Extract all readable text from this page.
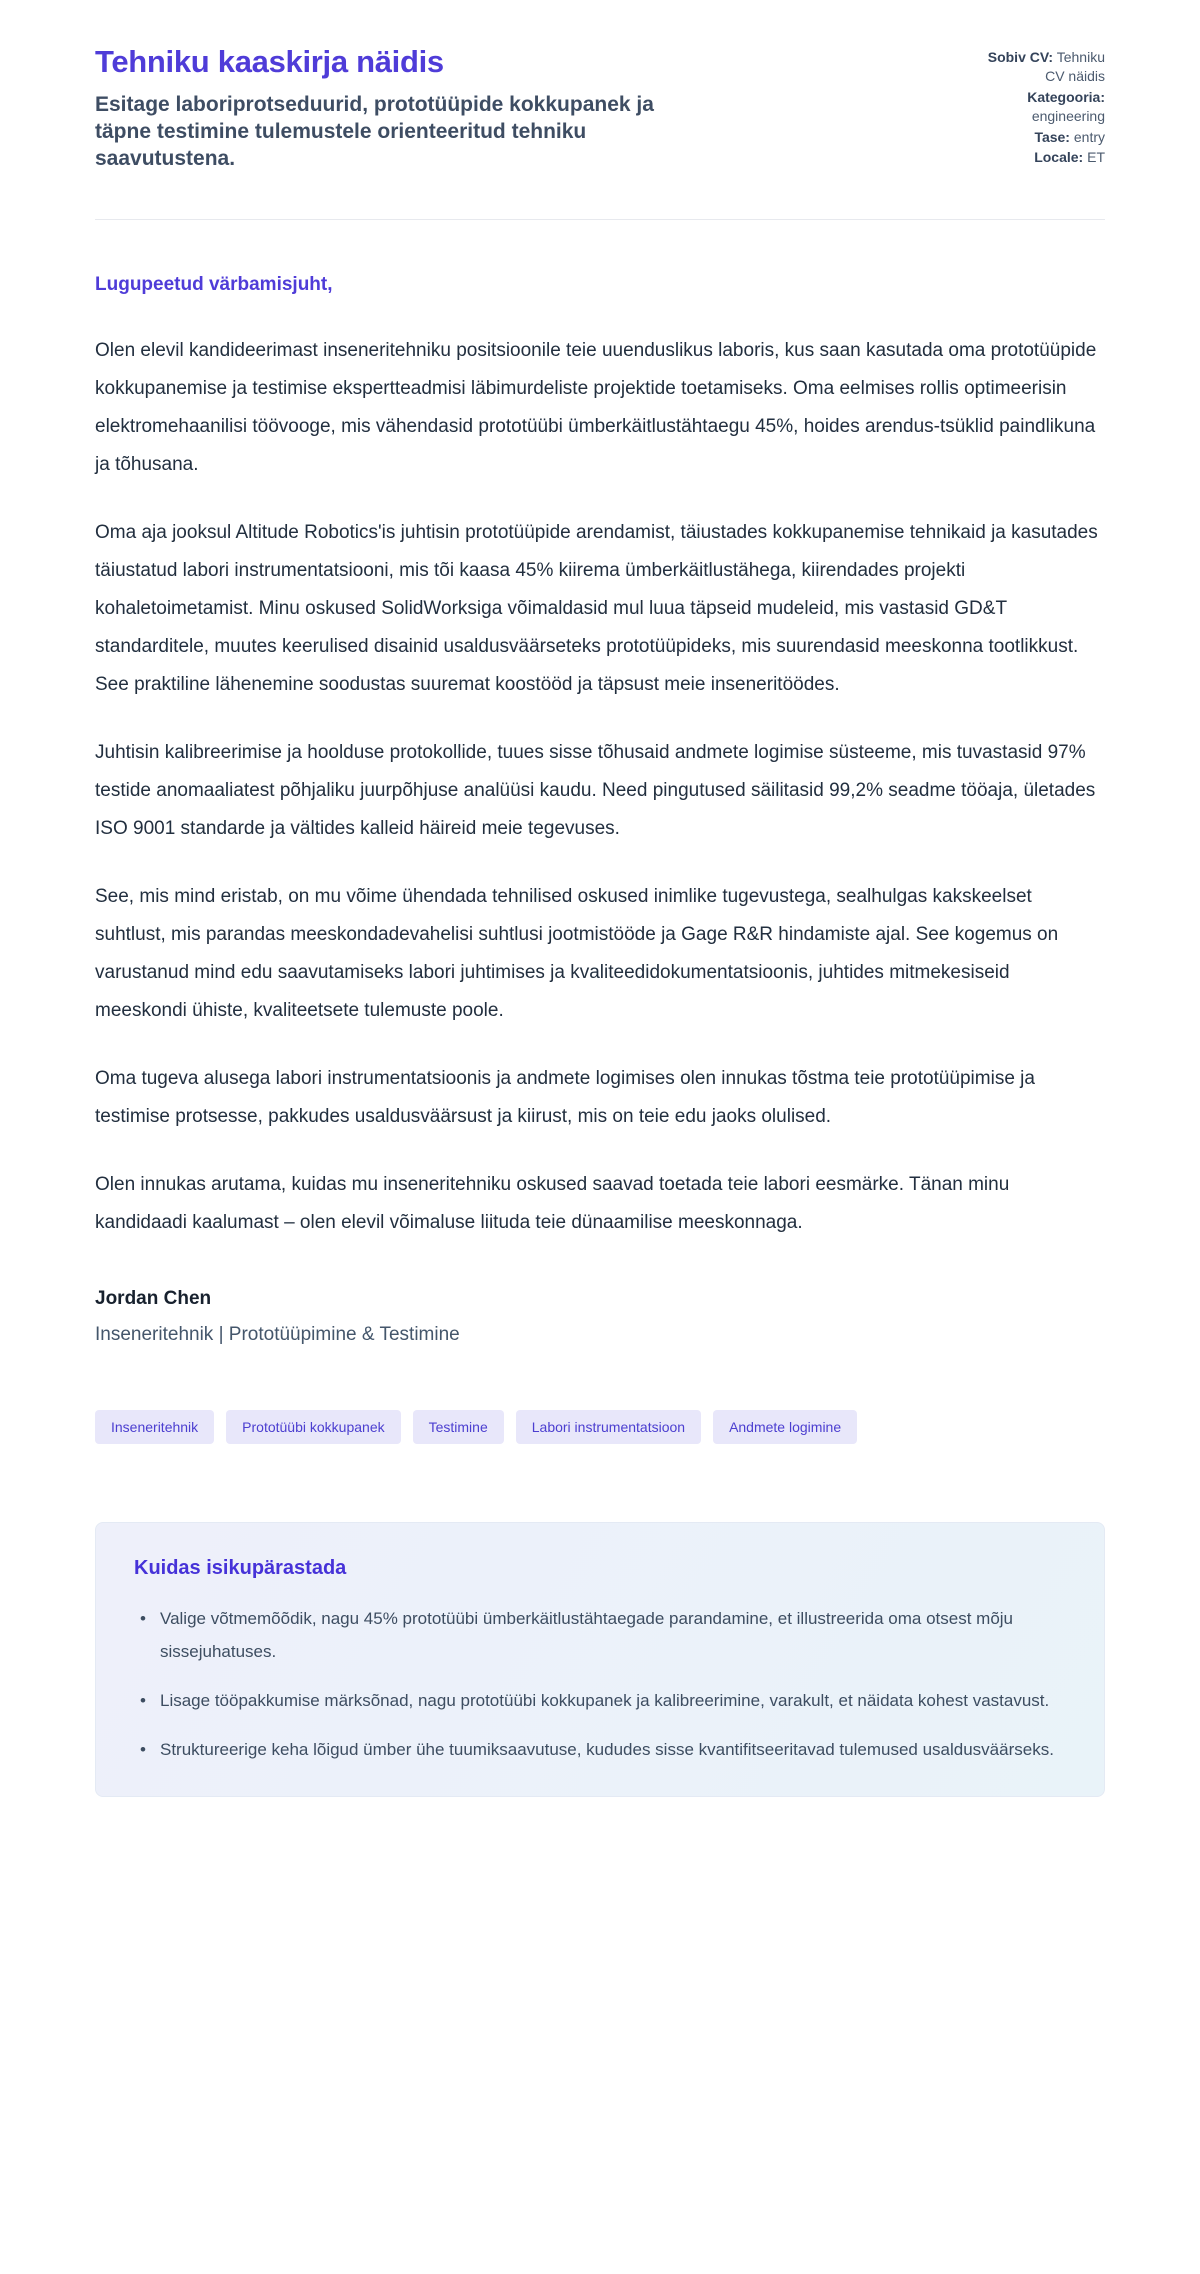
Tehniku kaaskirja näidis
Esitage laboriprotseduurid, prototüüpide kokkupanek ja täpne testimine tulemustele orienteeritud tehniku saavutustena.
Sobiv CV: Tehniku CV näidis
Kategooria: engineering
Tase: entry
Locale: ET

Lugupeetud värbamisjuht,

Olen elevil kandideerimast inseneritehniku positsioonile teie uuenduslikus laboris, kus saan kasutada oma prototüüpide kokkupanemise ja testimise ekspertteadmisi läbimurdeliste projektide toetamiseks. Oma eelmises rollis optimeerisin elektromehaanilisi töövooge, mis vähendasid prototüübi ümberkäitlustähtaegu 45%, hoides arendus-tsüklid paindlikuna ja tõhusana.

Oma aja jooksul Altitude Robotics'is juhtisin prototüüpide arendamist, täiustades kokkupanemise tehnikaid ja kasutades täiustatud labori instrumentatsiooni, mis tõi kaasa 45% kiirema ümberkäitlustähega, kiirendades projekti kohaletoimetamist. Minu oskused SolidWorksiga võimaldasid mul luua täpseid mudeleid, mis vastasid GD&T standarditele, muutes keerulised disainid usaldusväärseteks prototüüpideks, mis suurendasid meeskonna tootlikkust. See praktiline lähenemine soodustas suuremat koostööd ja täpsust meie inseneritöödes.

Juhtisin kalibreerimise ja hoolduse protokollide, tuues sisse tõhusaid andmete logimise süsteeme, mis tuvastasid 97% testide anomaaliatest põhjaliku juurpõhjuse analüüsi kaudu. Need pingutused säilitasid 99,2% seadme tööaja, ületades ISO 9001 standarde ja vältides kalleid häireid meie tegevuses.

See, mis mind eristab, on mu võime ühendada tehnilised oskused inimlike tugevustega, sealhulgas kakskeelset suhtlust, mis parandas meeskondadevahelisi suhtlusi jootmistööde ja Gage R&R hindamiste ajal. See kogemus on varustanud mind edu saavutamiseks labori juhtimises ja kvaliteedidokumentatsioonis, juhtides mitmekesiseid meeskondi ühiste, kvaliteetsete tulemuste poole.

Oma tugeva alusega labori instrumentatsioonis ja andmete logimises olen innukas tõstma teie prototüüpimise ja testimise protsesse, pakkudes usaldusväärsust ja kiirust, mis on teie edu jaoks olulised.

Olen innukas arutama, kuidas mu inseneritehniku oskused saavad toetada teie labori eesmärke. Tänan minu kandidaadi kaalumast – olen elevil võimaluse liituda teie dünaamilise meeskonnaga.

Jordan Chen

Inseneritehnik | Prototüüpimine & Testimine

Inseneritehnik	Prototüübi kokkupanek	Testimine	Labori instrumentatsioon	Andmete logimine
Kuidas isikupärastada
• Valige võtmemõõdik, nagu 45% prototüübi ümberkäitlustähtaegade parandamine, et illustreerida oma otsest mõju sissejuhatuses.
• Lisage tööpakkumise märksõnad, nagu prototüübi kokkupanek ja kalibreerimine, varakult, et näidata kohest vastavust.
• Struktureerige keha lõigud ümber ühe tuumiksaavutuse, kududes sisse kvantifitseeritavad tulemused usaldusväärseks.
